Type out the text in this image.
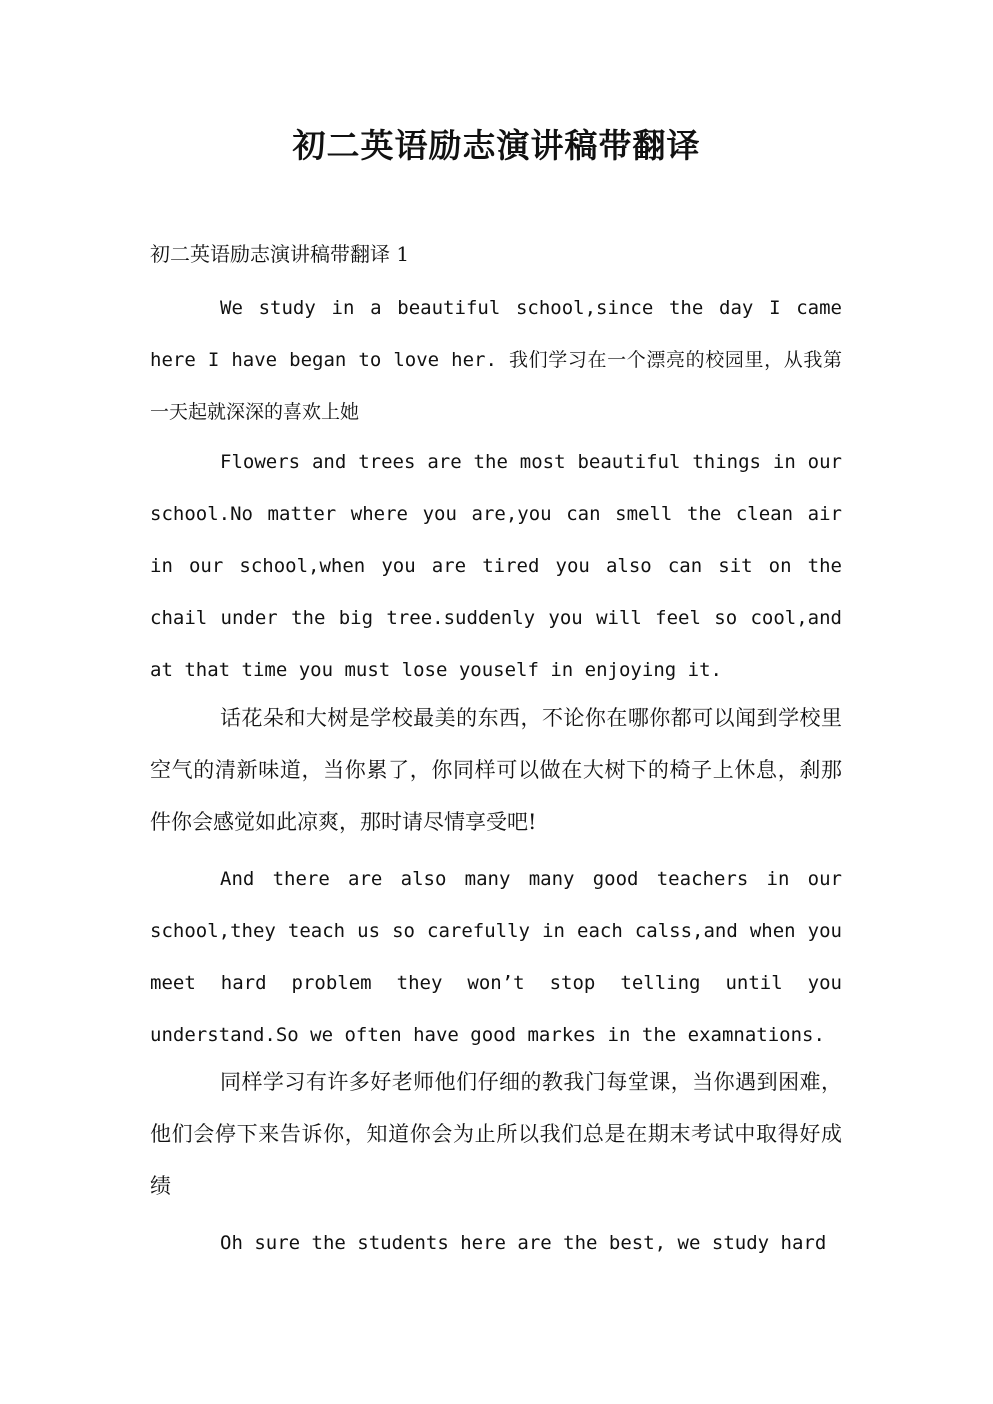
初二英语励志演讲稿带翻译
初二英语励志演讲稿带翻译 1

We study in a beautiful school,since the day I came here I have began to love her. 我们学习在一个漂亮的校园里，从我第一天起就深深的喜欢上她

Flowers and trees are the most beautiful things in our school.No matter where you are,you can smell the clean air in our school,when you are tired you also can sit on the chail under the big tree.suddenly you will feel so cool,and at that time you must lose youself in enjoying it.

话花朵和大树是学校最美的东西，不论你在哪你都可以闻到学校里空气的清新味道，当你累了，你同样可以做在大树下的椅子上休息，刹那件你会感觉如此凉爽，那时请尽情享受吧!

And there are also many many good teachers in our school,they teach us so carefully in each calss,and when you meet hard problem they won’t stop telling until you understand.So we often have good markes in the examnations.

同样学习有许多好老师他们仔细的教我门每堂课，当你遇到困难，他们会停下来告诉你，知道你会为止所以我们总是在期末考试中取得好成绩

Oh sure the students here are the best, we study hard
